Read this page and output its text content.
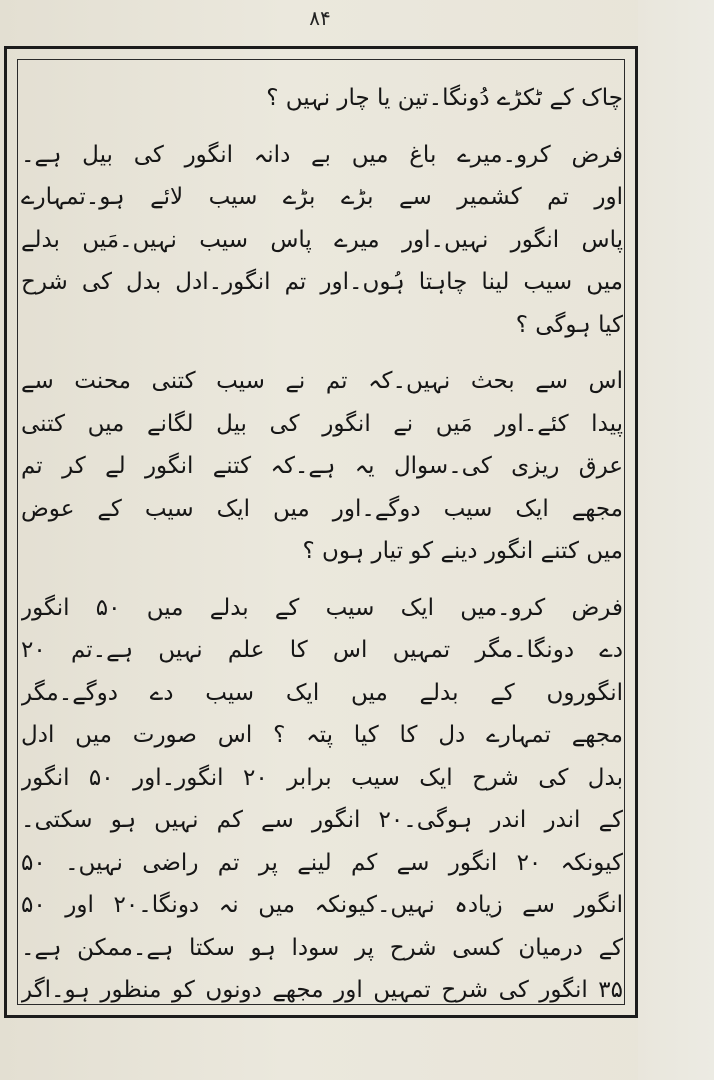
۸۴
چاک کے ٹکڑے دُونگا۔تین یا چار نہیں ؟
فرض کرو۔میرے باغ میں بے دانہ انگور کی بیل ہے۔
اور تم کشمیر سے بڑے بڑے سیب لائے ہو۔تمہارے
پاس انگور نہیں۔اور میرے پاس سیب نہیں۔مَیں بدلے
میں سیب لینا چاہتا ہُوں۔اور تم انگور۔ادل بدل کی شرح
کیا ہوگی ؟
اس سے بحث نہیں۔کہ تم نے سیب کتنی محنت سے
پیدا کئے۔اور مَیں نے انگور کی بیل لگانے میں کتنی
عرق ریزی کی۔سوال یہ ہے۔کہ کتنے انگور لے کر تم
مجھے ایک سیب دوگے۔اور میں ایک سیب کے عوض
میں کتنے انگور دینے کو تیار ہوں ؟
فرض کرو۔میں ایک سیب کے بدلے میں ۵۰ انگور
دے دونگا۔مگر تمہیں اس کا علم نہیں ہے۔تم ۲۰
انگوروں کے بدلے میں ایک سیب دے دوگے۔مگر
مجھے تمہارے دل کا کیا پتہ ؟ اس صورت میں ادل
بدل کی شرح ایک سیب برابر ۲۰ انگور۔اور ۵۰ انگور
کے اندر اندر ہوگی۔۲۰ انگور سے کم نہیں ہو سکتی۔
کیونکہ ۲۰ انگور سے کم لینے پر تم راضی نہیں۔ ۵۰
انگور سے زیادہ نہیں۔کیونکہ میں نہ دونگا۔۲۰ اور ۵۰
کے درمیان کسی شرح پر سودا ہو سکتا ہے۔ممکن ہے۔
۳۵ انگور کی شرح تمہیں اور مجھے دونوں کو منظور ہو۔اگر
